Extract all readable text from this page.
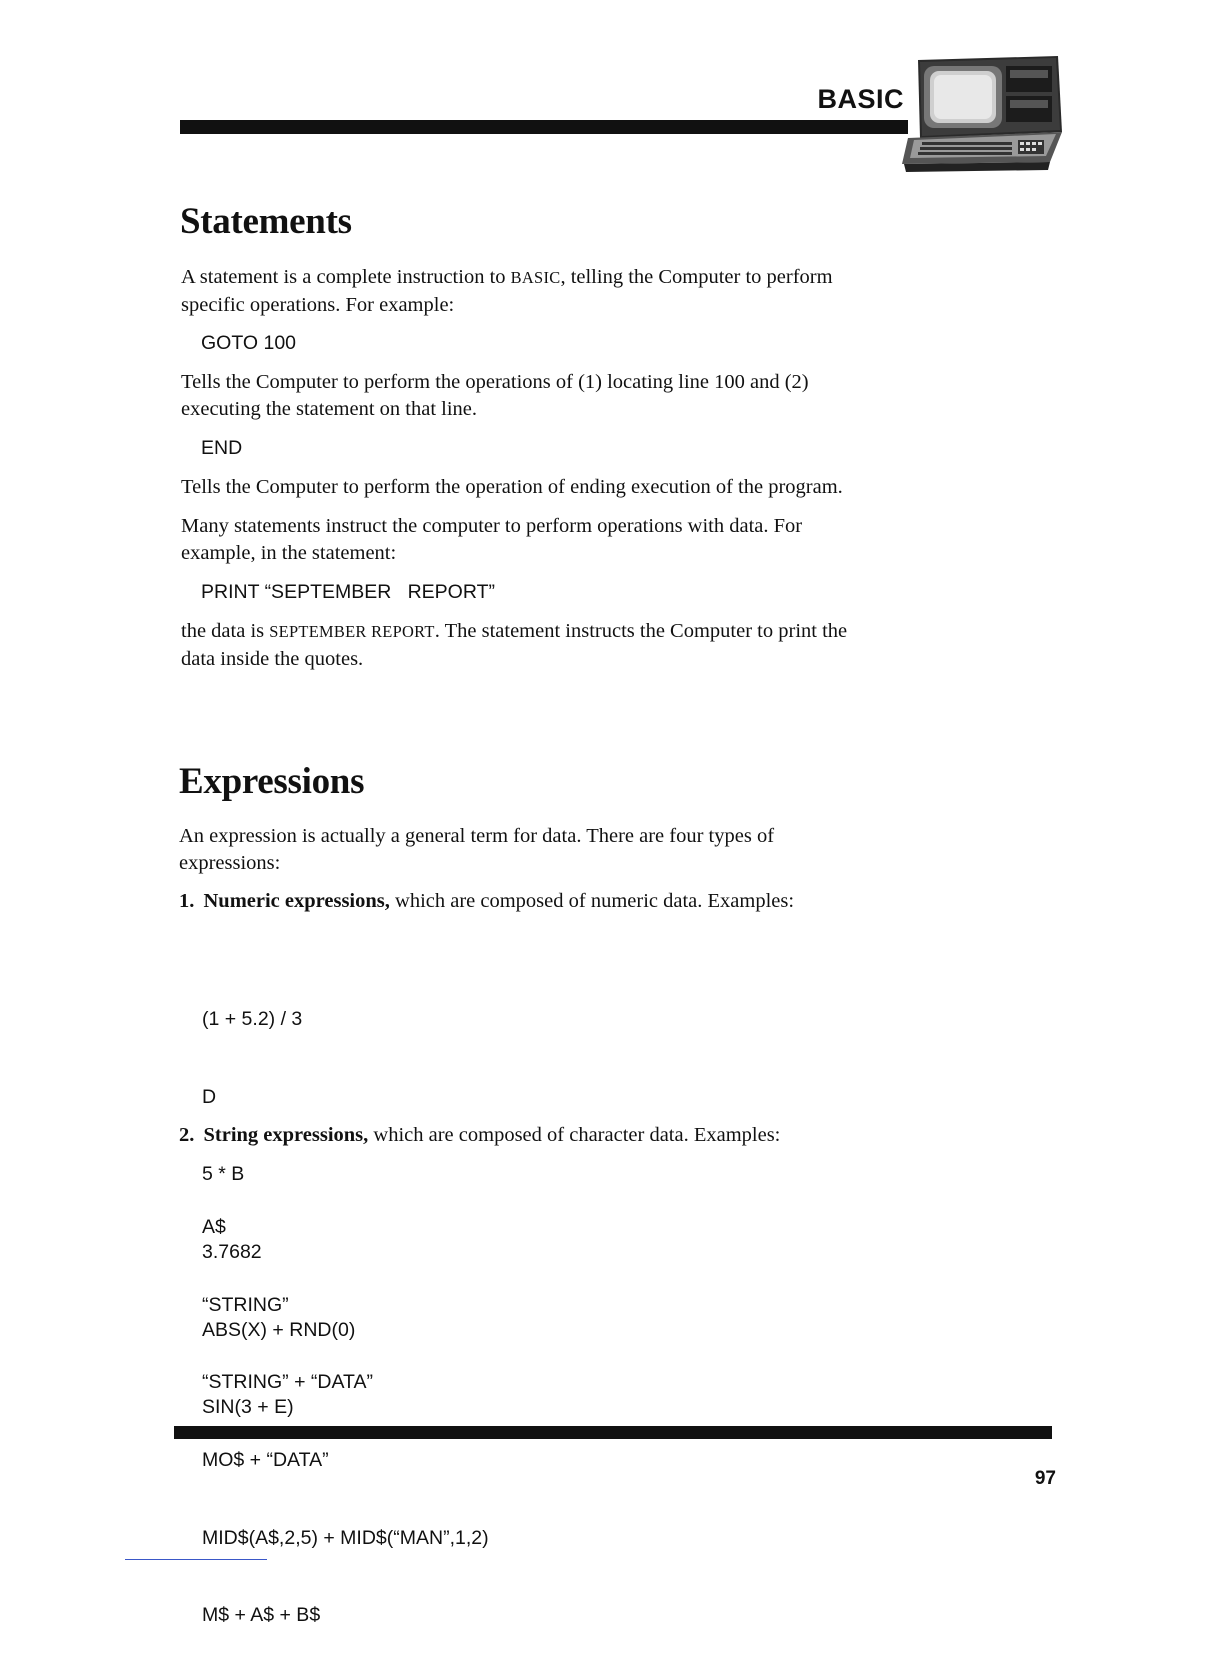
BASIC
Statements
A statement is a complete instruction to BASIC, telling the Computer to perform
specific operations. For example:
GOTO 100
Tells the Computer to perform the operations of (1) locating line 100 and (2)
executing the statement on that line.
END
Tells the Computer to perform the operation of ending execution of the program.
Many statements instruct the computer to perform operations with data. For
example, in the statement:
PRINT “SEPTEMBER   REPORT”
the data is SEPTEMBER REPORT. The statement instructs the Computer to print the
data inside the quotes.
Expressions
An expression is actually a general term for data. There are four types of
expressions:
1. Numeric expressions, which are composed of numeric data. Examples:

(1 + 5.2) / 3

D

5 * B

3.7682

ABS(X) + RND(0)

SIN(3 + E)

2. String expressions, which are composed of character data. Examples:

A$

“STRING”

“STRING” + “DATA”

MO$ + “DATA”

MID$(A$,2,5) + MID$(“MAN”,1,2)

M$ + A$ + B$

97
